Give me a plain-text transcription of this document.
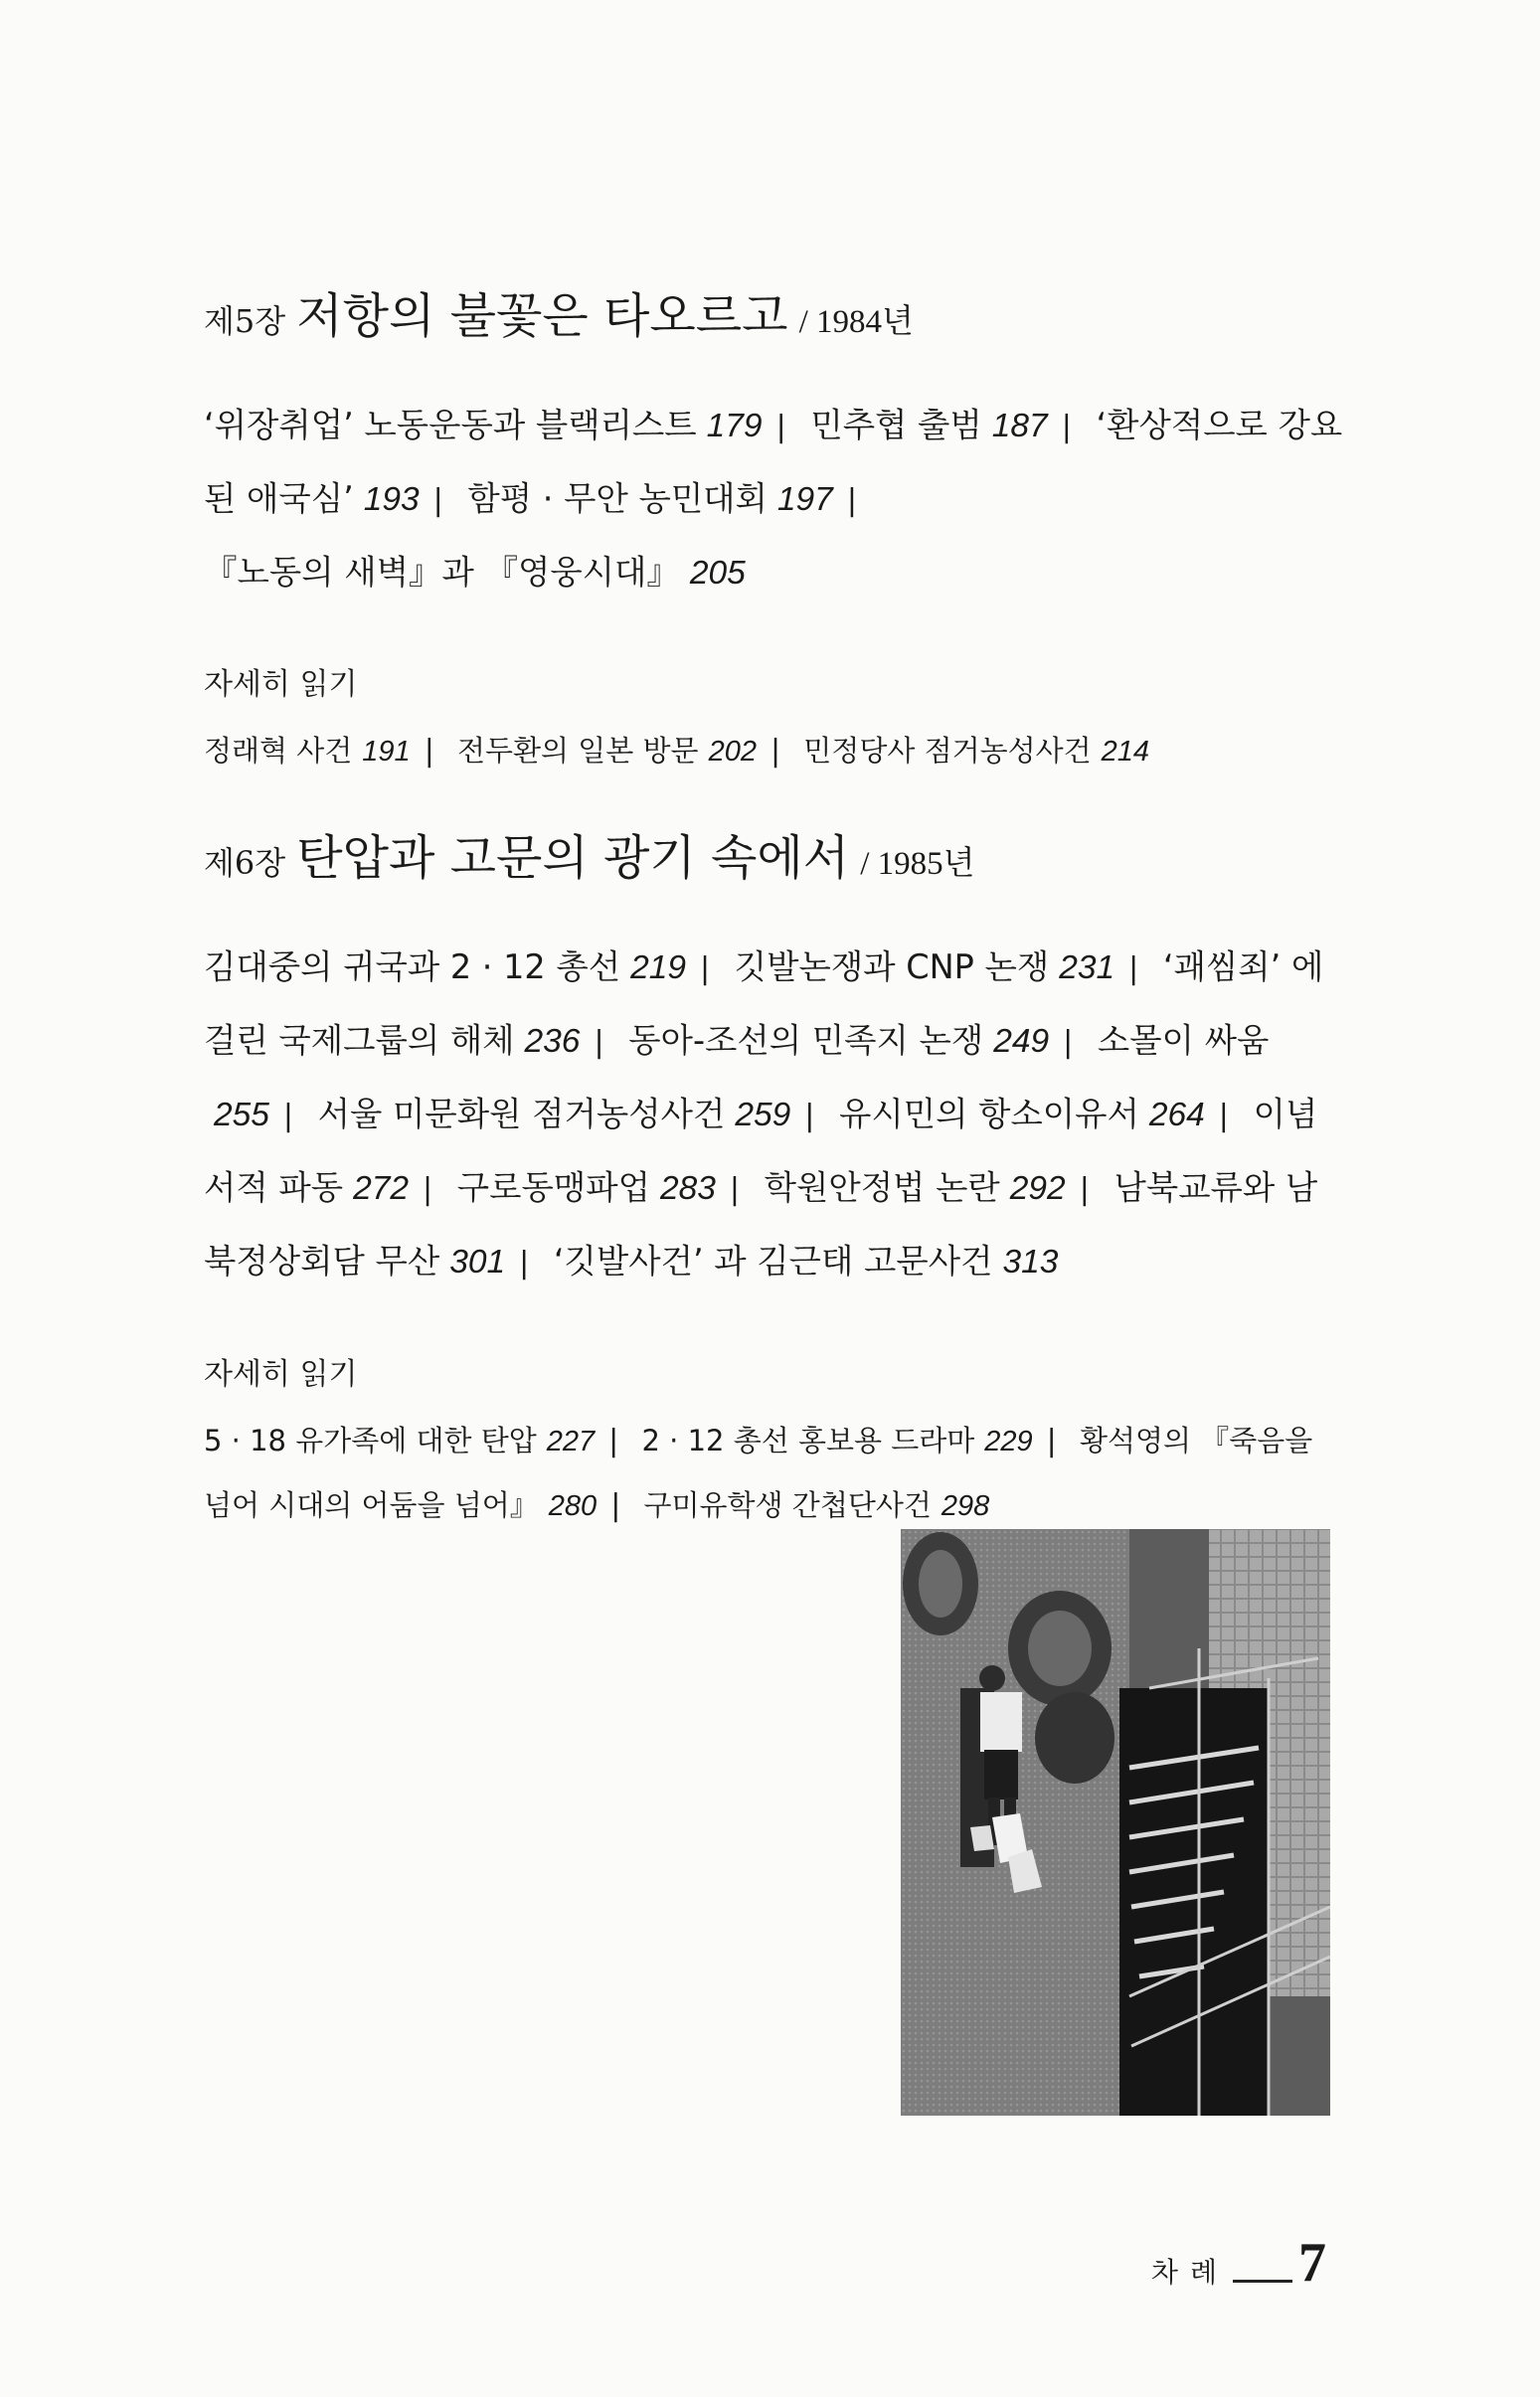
제5장 저항의 불꽃은 타오르고 / 1984년
‘위장취업’ 노동운동과 블랙리스트 179 | 민추협 출범 187 | ‘환상적으로 강요된 애국심’ 193 | 함평 · 무안 농민대회 197 | 『노동의 새벽』과 『영웅시대』 205
자세히 읽기
정래혁 사건 191 | 전두환의 일본 방문 202 | 민정당사 점거농성사건 214
제6장 탄압과 고문의 광기 속에서 / 1985년
김대중의 귀국과 2 · 12 총선 219 | 깃발논쟁과 CNP 논쟁 231 | ‘괘씸죄’ 에 걸린 국제그룹의 해체 236 | 동아-조선의 민족지 논쟁 249 | 소몰이 싸움255 | 서울 미문화원 점거농성사건 259 | 유시민의 항소이유서 264 | 이념서적 파동 272 | 구로동맹파업 283 | 학원안정법 논란 292 | 남북교류와 남북정상회담 무산 301 | ‘깃발사건’ 과 김근태 고문사건 313
자세히 읽기
5 · 18 유가족에 대한 탄압 227 | 2 · 12 총선 홍보용 드라마 229 | 황석영의 『죽음을 넘어 시대의 어둠을 넘어』 280 | 구미유학생 간첩단사건 298
차례 7
